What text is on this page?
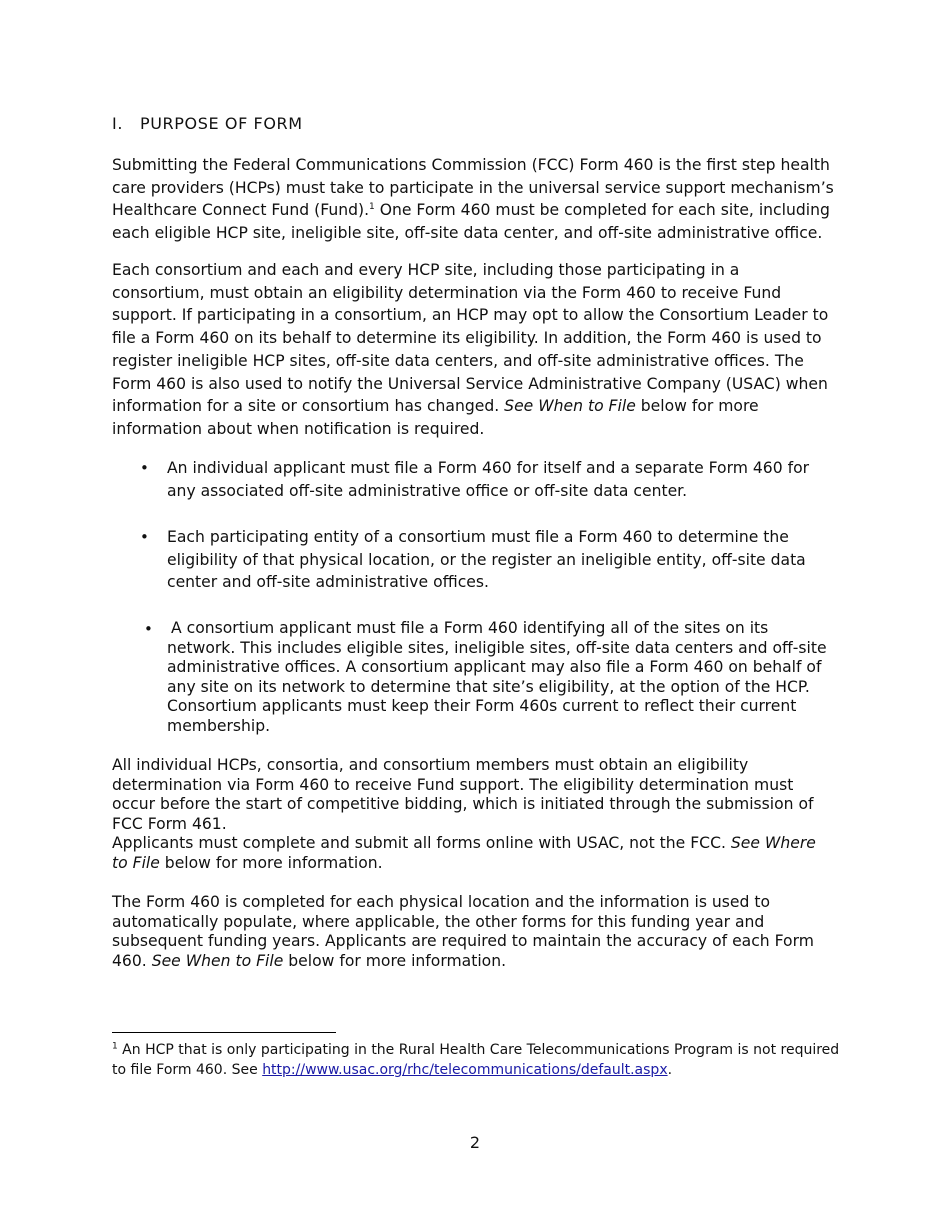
I. PURPOSE OF FORM

Submitting the Federal Communications Commission (FCC) Form 460 is the first step health care providers (HCPs) must take to participate in the universal service support mechanism’s Healthcare Connect Fund (Fund).$^1$ One Form 460 must be completed for each site, including each eligible HCP site, ineligible site, off-site data center, and off-site administrative office.

Each consortium and each and every HCP site, including those participating in a consortium, must obtain an eligibility determination via the Form 460 to receive Fund support. If participating in a consortium, an HCP may opt to allow the Consortium Leader to file a Form 460 on its behalf to determine its eligibility. In addition, the Form 460 is used to register ineligible HCP sites, off-site data centers, and off-site administrative offices. The Form 460 is also used to notify the Universal Service Administrative Company (USAC) when information for a site or consortium has changed. See When to File below for more information about when notification is required.

• An individual applicant must file a Form 460 for itself and a separate Form 460 for any associated off-site administrative office or off-site data center.
• Each participating entity of a consortium must file a Form 460 to determine the eligibility of that physical location, or the register an ineligible entity, off-site data center and off-site administrative offices.
• A consortium applicant must file a Form 460 identifying all of the sites on its network. This includes eligible sites, ineligible sites, off-site data centers and off-site administrative offices. A consortium applicant may also file a Form 460 on behalf of any site on its network to determine that site’s eligibility, at the option of the HCP.
Consortium applicants must keep their Form 460s current to reflect their current membership.

All individual HCPs, consortia, and consortium members must obtain an eligibility determination via Form 460 to receive Fund support. The eligibility determination must occur before the start of competitive bidding, which is initiated through the submission of FCC Form 461.

Applicants must complete and submit all forms online with USAC, not the FCC. See Where to File below for more information.

The Form 460 is completed for each physical location and the information is used to automatically populate, where applicable, the other forms for this funding year and subsequent funding years. Applicants are required to maintain the accuracy of each Form 460. See When to File below for more information.

$^1$ An HCP that is only participating in the Rural Health Care Telecommunications Program is not required to file Form 460. See http://www.usac.org/rhc/telecommunications/default.aspx.
2
